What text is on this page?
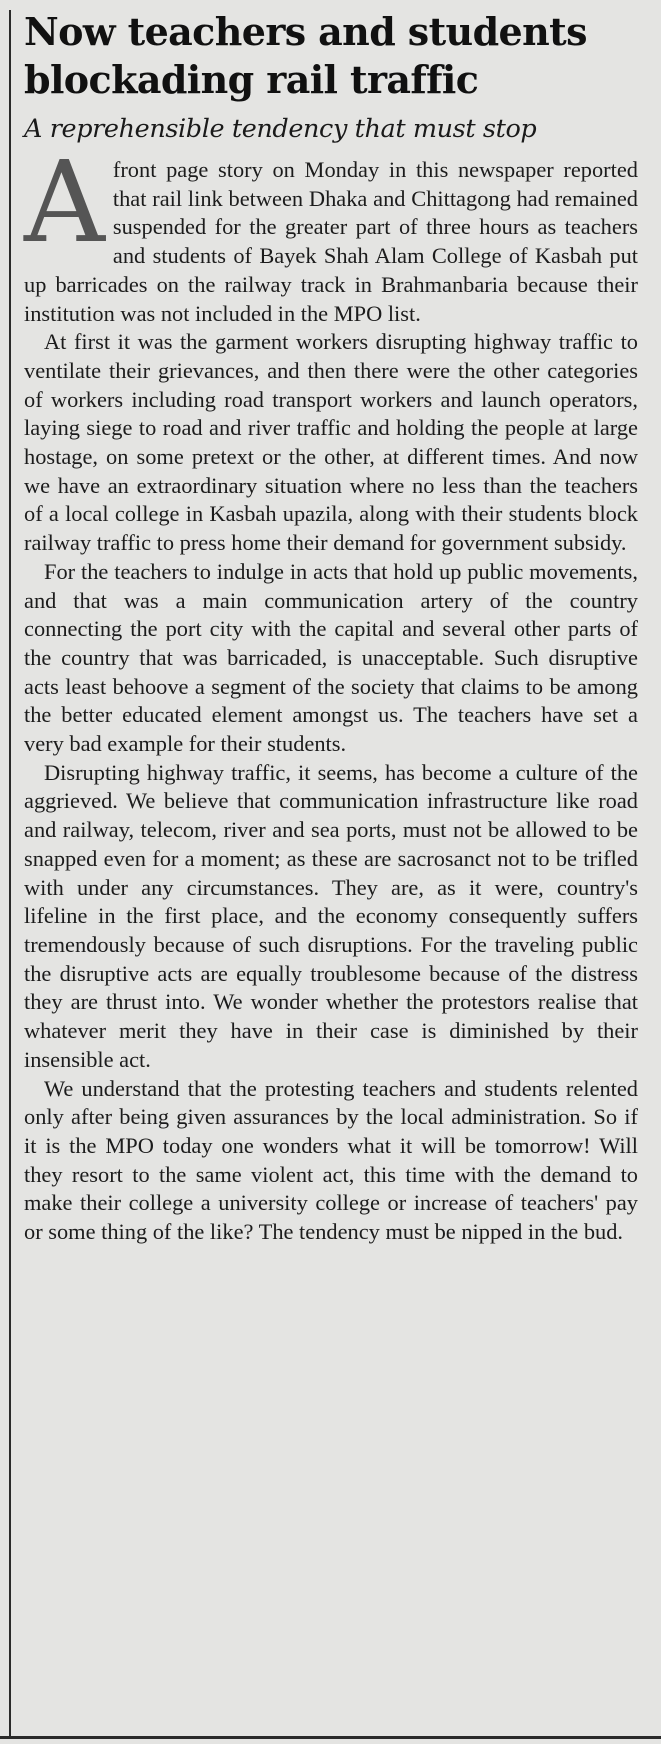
Now teachers and students blockading rail traffic
A reprehensible tendency that must stop

A front page story on Monday in this newspaper reported that rail link between Dhaka and Chittagong had remained suspended for the greater part of three hours as teachers and students of Bayek Shah Alam College of Kasbah put up barricades on the railway track in Brahmanbaria because their institution was not included in the MPO list.

At first it was the garment workers disrupting highway traffic to ventilate their grievances, and then there were the other categories of workers including road transport workers and launch operators, laying siege to road and river traffic and holding the people at large hostage, on some pretext or the other, at different times. And now we have an extraordinary situation where no less than the teachers of a local college in Kasbah upazila, along with their students block railway traffic to press home their demand for government subsidy.

For the teachers to indulge in acts that hold up public movements, and that was a main communication artery of the country connecting the port city with the capital and several other parts of the country that was barricaded, is unacceptable. Such disruptive acts least behoove a segment of the society that claims to be among the better educated element amongst us. The teachers have set a very bad example for their students.

Disrupting highway traffic, it seems, has become a culture of the aggrieved. We believe that communication infrastructure like road and railway, telecom, river and sea ports, must not be allowed to be snapped even for a moment; as these are sacrosanct not to be trifled with under any circumstances. They are, as it were, country's lifeline in the first place, and the economy consequently suffers tremendously because of such disruptions. For the traveling public the disruptive acts are equally troublesome because of the distress they are thrust into. We wonder whether the protestors realise that whatever merit they have in their case is diminished by their insensible act.

We understand that the protesting teachers and students relented only after being given assurances by the local administration. So if it is the MPO today one wonders what it will be tomorrow! Will they resort to the same violent act, this time with the demand to make their college a university college or increase of teachers' pay or some thing of the like? The tendency must be nipped in the bud.
